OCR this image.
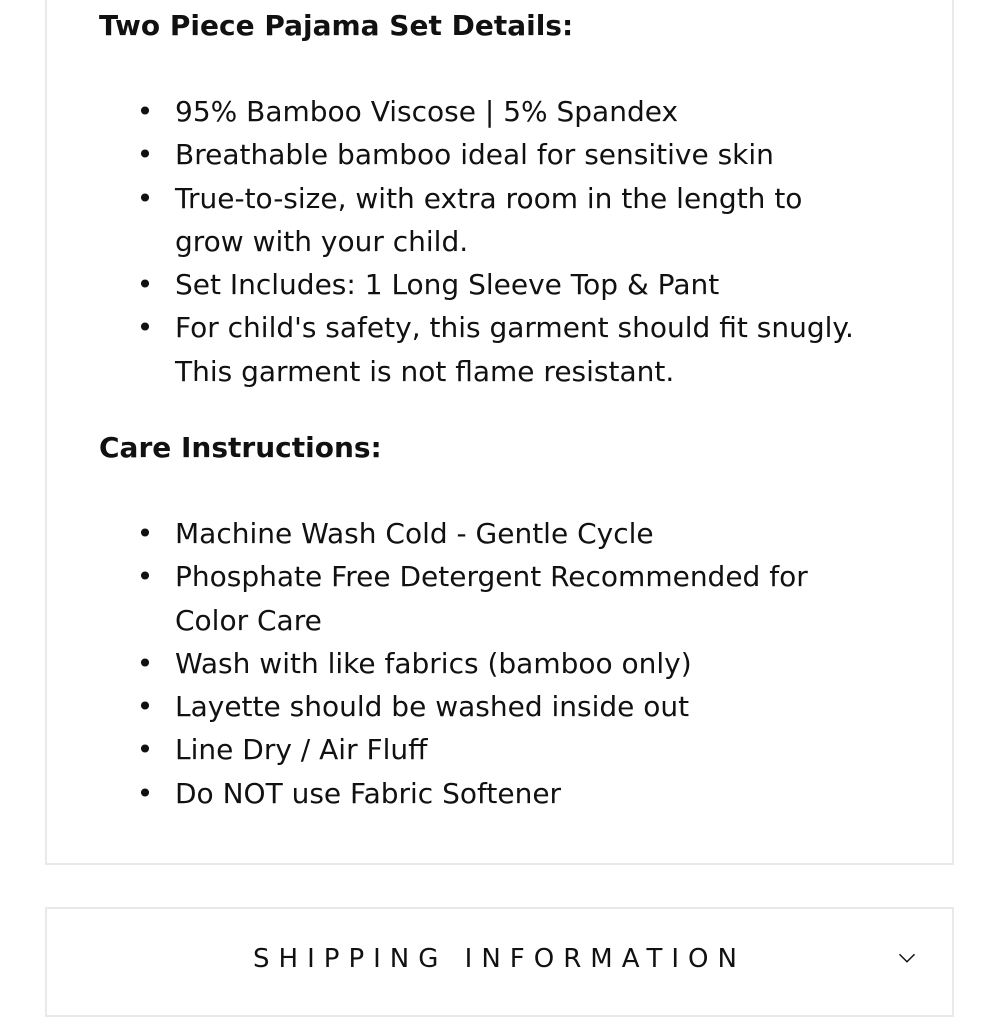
Two Piece Pajama Set Details:
• 95% Bamboo Viscose | 5% Spandex
• Breathable bamboo ideal for sensitive skin
• True-to-size, with extra room in the length to
grow with your child.
• Set Includes: 1 Long Sleeve Top & Pant
• For child's safety, this garment should fit snugly.
This garment is not flame resistant.
Care Instructions:
• Machine Wash Cold - Gentle Cycle
• Phosphate Free Detergent Recommended for
Color Care
• Wash with like fabrics (bamboo only)
• Layette should be washed inside out
• Line Dry / Air Fluff
• Do NOT use Fabric Softener
SHIPPING INFORMATION
